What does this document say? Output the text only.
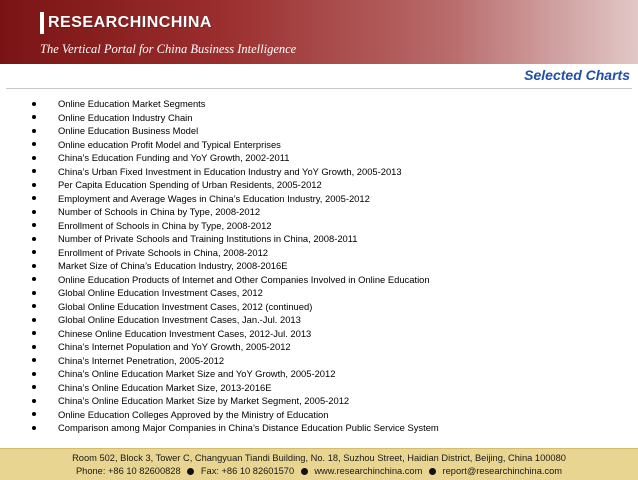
RESEARCHINCHINA
The Vertical Portal for China Business Intelligence
Selected Charts
Online Education Market Segments
Online Education Industry Chain
Online Education Business Model
Online education Profit Model and Typical Enterprises
China’s Education Funding and YoY Growth, 2002-2011
China’s Urban Fixed Investment in Education Industry and YoY Growth, 2005-2013
Per Capita Education Spending of Urban Residents, 2005-2012
Employment and Average Wages in China’s Education Industry, 2005-2012
Number of Schools in China by Type, 2008-2012
Enrollment of Schools in China by Type, 2008-2012
Number of Private Schools and Training Institutions in China, 2008-2011
Enrollment of Private Schools in China, 2008-2012
Market Size of China’s Education Industry, 2008-2016E
Online Education Products of Internet and Other Companies Involved in Online Education
Global Online Education Investment Cases, 2012
Global Online Education Investment Cases, 2012 (continued)
Global Online Education Investment Cases, Jan.-Jul. 2013
Chinese Online Education Investment Cases, 2012-Jul. 2013
China’s Internet Population and YoY Growth, 2005-2012
China’s Internet Penetration, 2005-2012
China’s Online Education Market Size and YoY Growth, 2005-2012
China’s Online Education Market Size, 2013-2016E
China’s Online Education Market Size by Market Segment, 2005-2012
Online Education Colleges Approved by the Ministry of Education
Comparison among Major Companies in China’s Distance Education Public Service System
Room 502, Block 3, Tower C, Changyuan Tiandi Building, No. 18, Suzhou Street, Haidian District, Beijing, China 100080
Phone: +86 10 82600828 Fax: +86 10 82601570 www.researchinchina.com report@researchinchina.com
